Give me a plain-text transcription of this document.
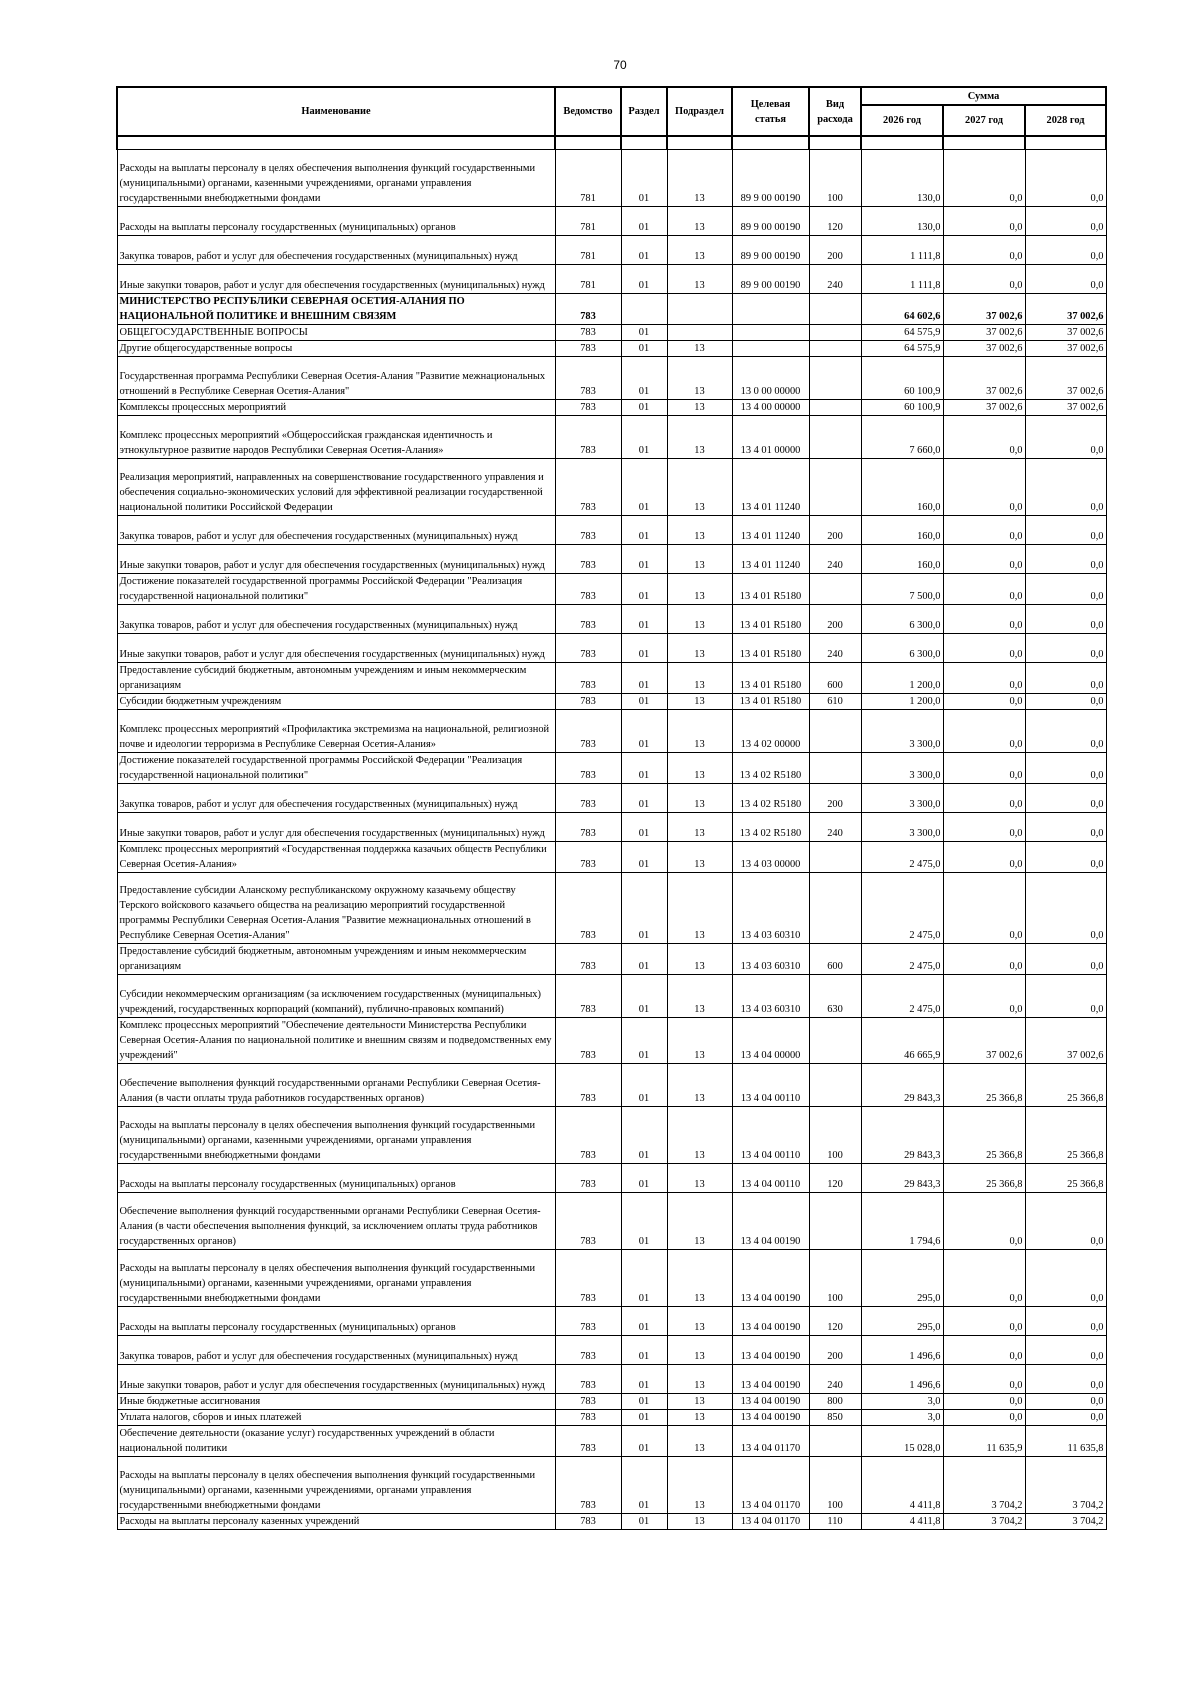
70
Наименование	Ведомство	Раздел	Подраздел	Целевая статья	Вид расхода	Сумма		
						2026 год	2027 год	2028 год

Расходы на выплаты персоналу в целях обеспечения выполнения функций государственными (муниципальными) органами, казенными учреждениями, органами управления государственными внебюджетными фондами	781	01	13	89 9 00 00190	100	130,0	0,0	0,0
Расходы на выплаты персоналу государственных (муниципальных) органов	781	01	13	89 9 00 00190	120	130,0	0,0	0,0
Закупка товаров, работ и услуг для обеспечения государственных (муниципальных) нужд	781	01	13	89 9 00 00190	200	1 111,8	0,0	0,0
Иные закупки товаров, работ и услуг для обеспечения государственных (муниципальных) нужд	781	01	13	89 9 00 00190	240	1 111,8	0,0	0,0
МИНИСТЕРСТВО РЕСПУБЛИКИ СЕВЕРНАЯ ОСЕТИЯ-АЛАНИЯ ПО НАЦИОНАЛЬНОЙ ПОЛИТИКЕ И ВНЕШНИМ СВЯЗЯМ	783					64 602,6	37 002,6	37 002,6
ОБЩЕГОСУДАРСТВЕННЫЕ ВОПРОСЫ	783	01				64 575,9	37 002,6	37 002,6
Другие общегосударственные вопросы	783	01	13			64 575,9	37 002,6	37 002,6
Государственная программа Республики Северная Осетия-Алания "Развитие межнациональных отношений в Республике Северная Осетия-Алания"	783	01	13	13 0 00 00000		60 100,9	37 002,6	37 002,6
Комплексы процессных мероприятий	783	01	13	13 4 00 00000		60 100,9	37 002,6	37 002,6
Комплекс процессных мероприятий «Общероссийская гражданская идентичность и этнокультурное развитие народов Республики Северная Осетия-Алания»	783	01	13	13 4 01 00000		7 660,0	0,0	0,0
Реализация мероприятий, направленных на совершенствование государственного управления и обеспечения социально-экономических условий для эффективной реализации государственной национальной политики Российской Федерации	783	01	13	13 4 01 11240		160,0	0,0	0,0
Закупка товаров, работ и услуг для обеспечения государственных (муниципальных) нужд	783	01	13	13 4 01 11240	200	160,0	0,0	0,0
Иные закупки товаров, работ и услуг для обеспечения государственных (муниципальных) нужд	783	01	13	13 4 01 11240	240	160,0	0,0	0,0
Достижение показателей государственной программы Российской Федерации "Реализация государственной национальной политики"	783	01	13	13 4 01 R5180		7 500,0	0,0	0,0
Закупка товаров, работ и услуг для обеспечения государственных (муниципальных) нужд	783	01	13	13 4 01 R5180	200	6 300,0	0,0	0,0
Иные закупки товаров, работ и услуг для обеспечения государственных (муниципальных) нужд	783	01	13	13 4 01 R5180	240	6 300,0	0,0	0,0
Предоставление субсидий бюджетным, автономным учреждениям и иным некоммерческим организациям	783	01	13	13 4 01 R5180	600	1 200,0	0,0	0,0
Субсидии бюджетным учреждениям	783	01	13	13 4 01 R5180	610	1 200,0	0,0	0,0
Комплекс процессных мероприятий «Профилактика экстремизма на национальной, религиозной почве и идеологии терроризма в Республике Северная Осетия-Алания»	783	01	13	13 4 02 00000		3 300,0	0,0	0,0
Достижение показателей государственной программы Российской Федерации "Реализация государственной национальной политики"	783	01	13	13 4 02 R5180		3 300,0	0,0	0,0
Закупка товаров, работ и услуг для обеспечения государственных (муниципальных) нужд	783	01	13	13 4 02 R5180	200	3 300,0	0,0	0,0
Иные закупки товаров, работ и услуг для обеспечения государственных (муниципальных) нужд	783	01	13	13 4 02 R5180	240	3 300,0	0,0	0,0
Комплекс процессных мероприятий «Государственная поддержка казачьих обществ Республики Северная Осетия-Алания»	783	01	13	13 4 03 00000		2 475,0	0,0	0,0
Предоставление субсидии Аланскому республиканскому окружному казачьему обществу Терского войскового казачьего общества на реализацию мероприятий государственной программы Республики Северная Осетия-Алания "Развитие межнациональных отношений в Республике Северная Осетия-Алания"	783	01	13	13 4 03 60310		2 475,0	0,0	0,0
Предоставление субсидий бюджетным, автономным учреждениям и иным некоммерческим организациям	783	01	13	13 4 03 60310	600	2 475,0	0,0	0,0
Субсидии некоммерческим организациям (за исключением государственных (муниципальных) учреждений, государственных корпораций (компаний), публично-правовых компаний)	783	01	13	13 4 03 60310	630	2 475,0	0,0	0,0
Комплекс процессных мероприятий "Обеспечение деятельности Министерства Республики Северная Осетия-Алания по национальной политике и внешним связям и подведомственных ему учреждений"	783	01	13	13 4 04 00000		46 665,9	37 002,6	37 002,6
Обеспечение выполнения функций государственными органами Республики Северная Осетия-Алания (в части оплаты труда работников государственных органов)	783	01	13	13 4 04 00110		29 843,3	25 366,8	25 366,8
Расходы на выплаты персоналу в целях обеспечения выполнения функций государственными (муниципальными) органами, казенными учреждениями, органами управления государственными внебюджетными фондами	783	01	13	13 4 04 00110	100	29 843,3	25 366,8	25 366,8
Расходы на выплаты персоналу государственных (муниципальных) органов	783	01	13	13 4 04 00110	120	29 843,3	25 366,8	25 366,8
Обеспечение выполнения функций государственными органами Республики Северная Осетия-Алания (в части обеспечения выполнения функций, за исключением оплаты труда работников государственных органов)	783	01	13	13 4 04 00190		1 794,6	0,0	0,0
Расходы на выплаты персоналу в целях обеспечения выполнения функций государственными (муниципальными) органами, казенными учреждениями, органами управления государственными внебюджетными фондами	783	01	13	13 4 04 00190	100	295,0	0,0	0,0
Расходы на выплаты персоналу государственных (муниципальных) органов	783	01	13	13 4 04 00190	120	295,0	0,0	0,0
Закупка товаров, работ и услуг для обеспечения государственных (муниципальных) нужд	783	01	13	13 4 04 00190	200	1 496,6	0,0	0,0
Иные закупки товаров, работ и услуг для обеспечения государственных (муниципальных) нужд	783	01	13	13 4 04 00190	240	1 496,6	0,0	0,0
Иные бюджетные ассигнования	783	01	13	13 4 04 00190	800	3,0	0,0	0,0
Уплата налогов, сборов и иных платежей	783	01	13	13 4 04 00190	850	3,0	0,0	0,0
Обеспечение деятельности (оказание услуг) государственных учреждений в области национальной политики	783	01	13	13 4 04 01170		15 028,0	11 635,9	11 635,8
Расходы на выплаты персоналу в целях обеспечения выполнения функций государственными (муниципальными) органами, казенными учреждениями, органами управления государственными внебюджетными фондами	783	01	13	13 4 04 01170	100	4 411,8	3 704,2	3 704,2
Расходы на выплаты персоналу казенных учреждений	783	01	13	13 4 04 01170	110	4 411,8	3 704,2	3 704,2
